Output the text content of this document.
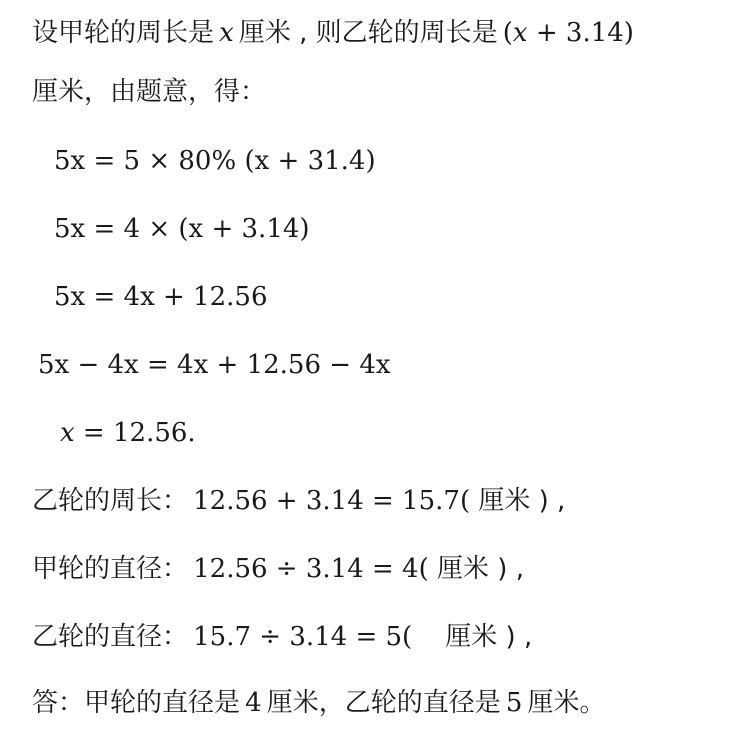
设甲轮的周长是 x 厘米 , 则乙轮的周长是 (x + 3.14)
厘米，由题意，得：
5x = 5 × 80% (x + 31.4)
5x = 4 × (x + 3.14)
5x = 4x + 12.56
5x − 4x = 4x + 12.56 − 4x
x = 12.56.
乙轮的周长： 12.56 + 3.14 = 15.7( 厘米 ) ,
甲轮的直径： 12.56 ÷ 3.14 = 4( 厘米 ) ,
乙轮的直径： 15.7 ÷ 3.14 = 5(    厘米 ) ,
答：甲轮的直径是 4 厘米，乙轮的直径是 5 厘米。
